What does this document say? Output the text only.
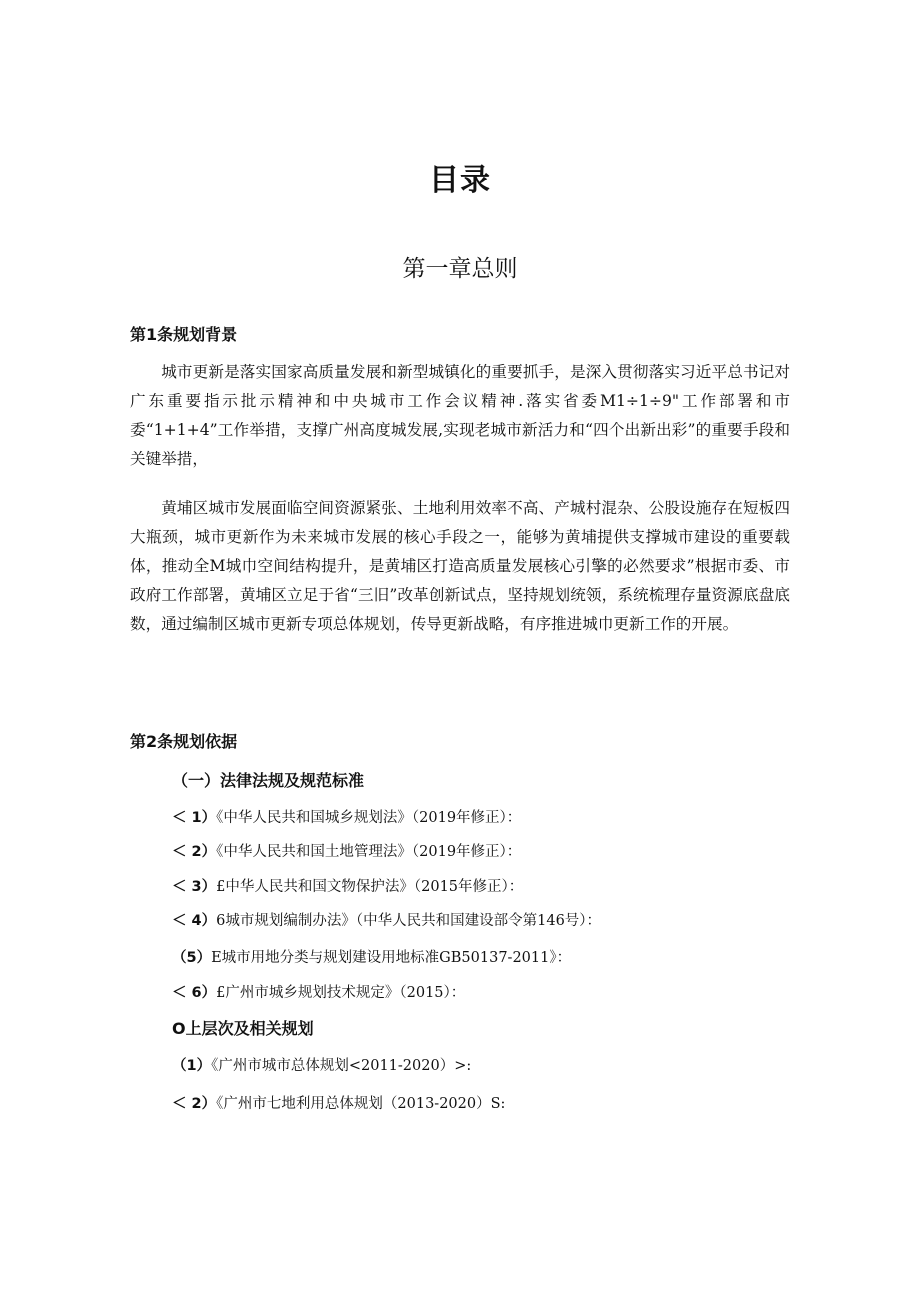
目录
第一章总则
第1条规划背景

城市更新是落实国家高质量发展和新型城镇化的重要抓手，是深入贯彻落实习近平总书记对广东重要指示批示精神和中央城市工作会议精神.落实省委M1÷1÷9"工作部署和市委“1+1+4”工作举措，支撑广州高度城发展,实现老城市新活力和“四个出新出彩”的重要手段和关键举措，

黄埔区城市发展面临空间资源紧张、土地利用效率不高、产城村混杂、公股设施存在短板四大瓶颈，城市更新作为未来城市发展的核心手段之一，能够为黄埔提供支撑城市建设的重要载体，推动全M城巾空间结构提升，是黄埔区打造高质量发展核心引擎的必然要求”根据市委、市政府工作部署，黄埔区立足于省“三旧”改革创新试点，坚持规划统领，系统梳理存量资源底盘底数，通过编制区城市更新专项总体规划，传导更新战略，有序推进城巾更新工作的开展。

第2条规划依据
（一）法律法规及规范标准
＜ 1）《中华人民共和国城乡规划法》（2019年修正）：
＜ 2）《中华人民共和国土地管理法》（2019年修正）：
＜ 3）£中华人民共和国文物保护法》（2015年修正）：
＜ 4）6城市规划编制办法》（中华人民共和国建设部令第146号）：
（5）E城市用地分类与规划建设用地标准GB50137-2011》：
＜ 6）£广州市城乡规划技术规定》（2015）：
O上层次及相关规划
（1）《广州市城市总体规划<2011-2020）>:
＜ 2）《广州市七地利用总体规划（2013-2020）S:
